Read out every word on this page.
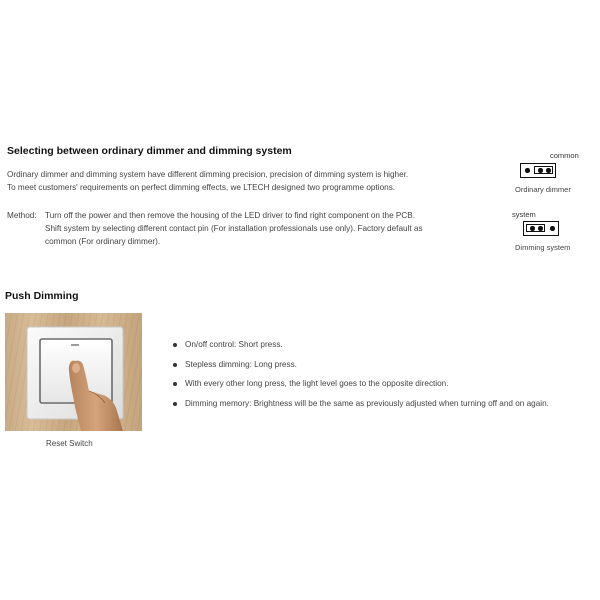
Selecting between ordinary dimmer and dimming system
Ordinary dimmer and dimming system have different dimming precision, precision of dimming system is higher.
To meet customers' requirements on perfect dimming effects, we LTECH designed two programme options.
Method: Turn off the power and then remove the housing of the LED driver to find right component on the PCB.
Shift system by selecting different contact pin (For installation professionals use only). Factory default as
common (For ordinary dimmer).
common
Ordinary dimmer
system
Dimming system
Push Dimming
Reset Switch
On/off control: Short press.
Stepless dimming: Long press.
With every other long press, the light level goes to the opposite direction.
Dimming memory: Brightness will be the same as previously adjusted when turning off and on again.
